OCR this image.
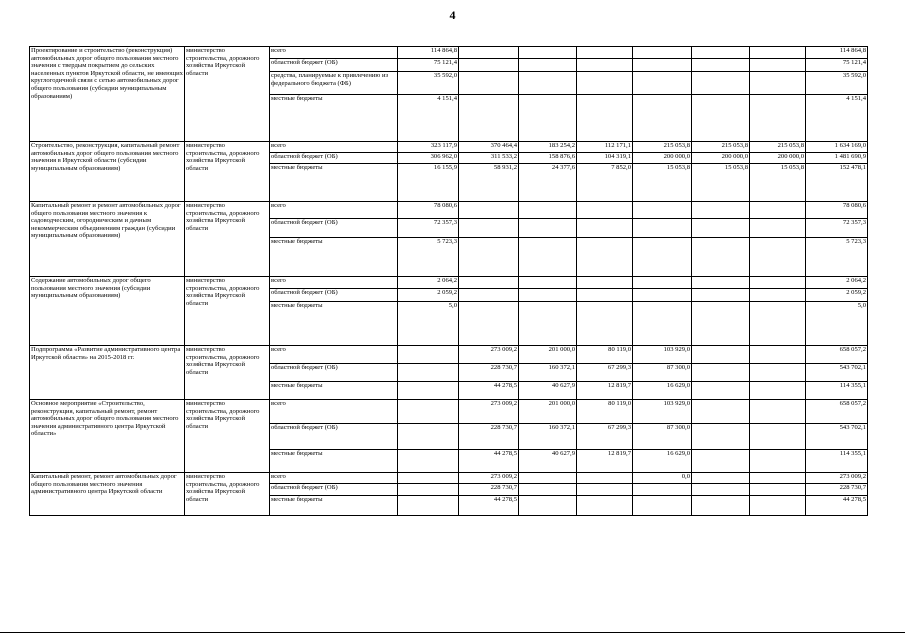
4
Проектирование и строительство (реконструкция) автомобильных дорог общего пользования местного значения с твердым покрытием до сельских населенных пунктов Иркутской области, не имеющих круглогодичной связи с сетью автомобильных дорог общего пользования (субсидии муниципальным образованиям)	министерство строительства, дорожного хозяйства Иркутской области	всего	114 864,8							114 864,8
		областной бюджет (ОБ)	75 121,4							75 121,4
		средства, планируемые к привлечению из федерального бюджета (ФБ)	35 592,0							35 592,0
		местные бюджеты	4 151,4							4 151,4
Строительство, реконструкция, капитальный ремонт автомобильных дорог общего пользования местного значения в Иркутской области (субсидии муниципальным образованиям)	министерство строительства, дорожного хозяйства Иркутской области	всего	323 117,9	370 464,4	183 254,2	112 171,1	215 053,8	215 053,8	215 053,8	1 634 169,0
		областной бюджет (ОБ)	306 962,0	311 533,2	158 876,6	104 319,1	200 000,0	200 000,0	200 000,0	1 481 690,9
		местные бюджеты	16 155,9	58 931,2	24 377,6	7 852,0	15 053,8	15 053,8	15 053,8	152 478,1
Капитальный ремонт и ремонт автомобильных дорог общего пользования местного значения к садоводческим, огородническим и дачным некоммерческим объединениям граждан (субсидии муниципальным образованиям)	министерство строительства, дорожного хозяйства Иркутской области	всего	78 080,6							78 080,6
		областной бюджет (ОБ)	72 357,3							72 357,3
		местные бюджеты	5 723,3							5 723,3
Содержание автомобильных дорог общего пользования местного значения (субсидии муниципальным образованиям)	министерство строительства, дорожного хозяйства Иркутской области	всего	2 064,2							2 064,2
		областной бюджет (ОБ)	2 059,2							2 059,2
		местные бюджеты	5,0							5,0
Подпрограмма «Развитие административного центра Иркутской области» на 2015-2018 гг.	министерство строительства, дорожного хозяйства Иркутской области	всего		273 009,2	201 000,0	80 119,0	103 929,0			658 057,2
		областной бюджет (ОБ)		228 730,7	160 372,1	67 299,3	87 300,0			543 702,1
		местные бюджеты		44 278,5	40 627,9	12 819,7	16 629,0			114 355,1
Основное мероприятие «Строительство, реконструкция, капитальный ремонт, ремонт автомобильных дорог общего пользования местного значения административного центра Иркутской области»	министерство строительства, дорожного хозяйства Иркутской области	всего		273 009,2	201 000,0	80 119,0	103 929,0			658 057,2
		областной бюджет (ОБ)		228 730,7	160 372,1	67 299,3	87 300,0			543 702,1
		местные бюджеты		44 278,5	40 627,9	12 819,7	16 629,0			114 355,1
Капитальный ремонт, ремонт автомобильных дорог общего пользования местного значения административного центра Иркутской области	министерство строительства, дорожного хозяйства Иркутской области	всего		273 009,2			0,0			273 009,2
		областной бюджет (ОБ)		228 730,7						228 730,7
		местные бюджеты		44 278,5						44 278,5
